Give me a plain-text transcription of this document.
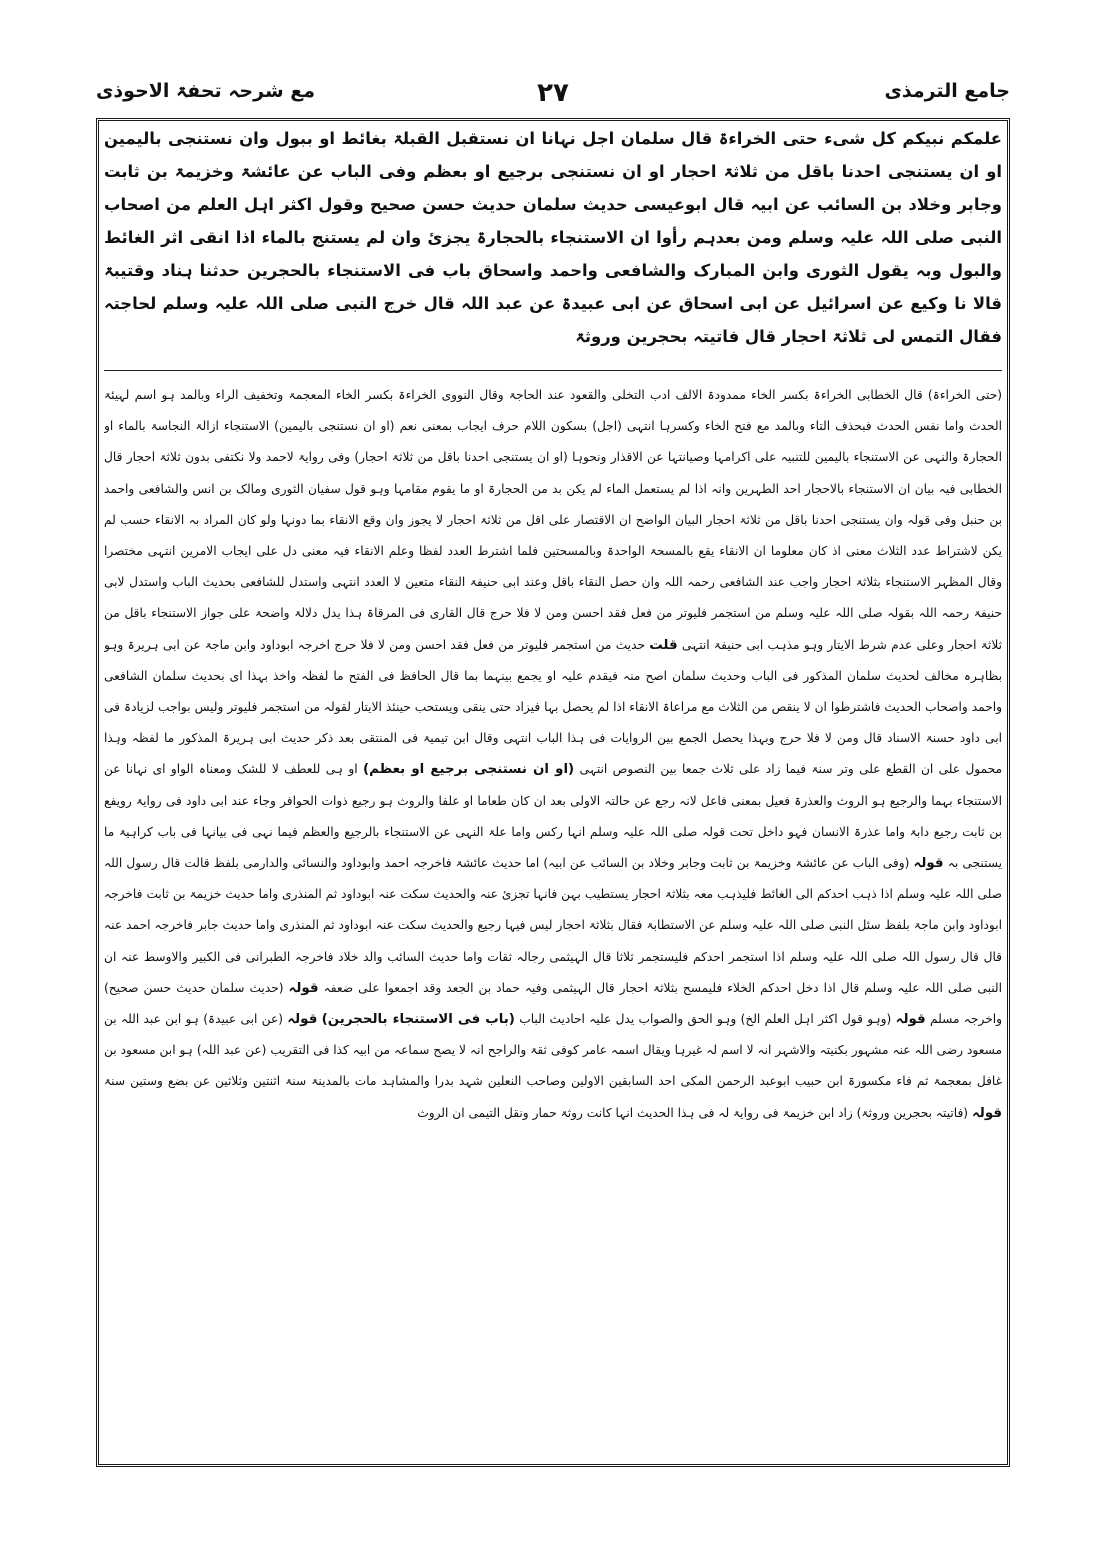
جامع الترمذی
۲۷
مع شرحہ تحفۃ الاحوذی
علمکم نبیکم کل شیء حتی الخراءۃ قال سلمان اجل نہانا ان نستقبل القبلۃ بغائط او ببول وان نستنجی بالیمین او ان یستنجی احدنا باقل من ثلاثۃ احجار او ان نستنجی برجیع او بعظم وفی الباب عن عائشۃ وخزیمۃ بن ثابت وجابر وخلاد بن السائب عن ابیہ قال ابوعیسی حدیث سلمان حدیث حسن صحیح وقول اکثر اہل العلم من اصحاب النبی صلی اللہ علیہ وسلم ومن بعدہم رأوا ان الاستنجاء بالحجارۃ یجزیٔ وان لم یستنج بالماء اذا انقی اثر الغائط والبول وبہ یقول الثوری وابن المبارک والشافعی واحمد واسحاق باب فی الاستنجاء بالحجرین حدثنا ہناد وقتیبۃ قالا نا وکیع عن اسرائیل عن ابی اسحاق عن ابی عبیدۃ عن عبد اللہ قال خرج النبی صلی اللہ علیہ وسلم لحاجتہ فقال التمس لی ثلاثۃ احجار قال فاتیتہ بحجرین وروثۃ
(حتی الخراءۃ) قال الخطابی الخراءۃ بکسر الخاء ممدودۃ الالف ادب التخلی والقعود عند الحاجۃ وقال النووی الخراءۃ بکسر الخاء المعجمۃ وتخفیف الراء وبالمد ہو اسم لہیئۃ الحدث واما نفس الحدث فبحذف التاء وبالمد مع فتح الخاء وکسرہا انتہی (اجل) بسکون اللام حرف ایجاب بمعنی نعم (او ان نستنجی بالیمین) الاستنجاء ازالۃ النجاسۃ بالماء او الحجارۃ والنہی عن الاستنجاء بالیمین للتنبیہ علی اکرامہا وصیانتہا عن الاقذار ونحوہا (او ان یستنجی احدنا باقل من ثلاثۃ احجار) وفی روایۃ لاحمد ولا نکتفی بدون ثلاثۃ احجار قال الخطابی فیہ بیان ان الاستنجاء بالاحجار احد الطہرین وانہ اذا لم یستعمل الماء لم یکن بد من الحجارۃ او ما یقوم مقامہا وہو قول سفیان الثوری ومالک بن انس والشافعی واحمد بن حنبل وفی قولہ وان یستنجی احدنا باقل من ثلاثۃ احجار البیان الواضح ان الاقتصار علی اقل من ثلاثۃ احجار لا یجوز وان وقع الانقاء بما دونہا ولو کان المراد بہ الانقاء حسب لم یکن لاشتراط عدد الثلاث معنی اذ کان معلوما ان الانقاء یقع بالمسحۃ الواحدۃ وبالمسحتین فلما اشترط العدد لفظا وعلم الانقاء فیہ معنی دل علی ایجاب الامرین انتہی مختصرا وقال المظہر الاستنجاء بثلاثۃ احجار واجب عند الشافعی رحمہ اللہ وان حصل النقاء باقل وعند ابی حنیفۃ النقاء متعین لا العدد انتہی واستدل للشافعی بحدیث الباب واستدل لابی حنیفۃ رحمہ اللہ بقولہ صلی اللہ علیہ وسلم من استجمر فلیوتر من فعل فقد احسن ومن لا فلا حرج قال القاری فی المرقاۃ ہذا یدل دلالۃ واضحۃ علی جواز الاستنجاء باقل من ثلاثۃ احجار وعلی عدم شرط الایتار وہو مذہب ابی حنیفۃ انتہی قلت حدیث من استجمر فلیوتر من فعل فقد احسن ومن لا فلا حرج اخرجہ ابوداود وابن ماجۃ عن ابی ہریرۃ وہو بظاہرہ مخالف لحدیث سلمان المذکور فی الباب وحدیث سلمان اصح منہ فیقدم علیہ او یجمع بینہما بما قال الحافظ فی الفتح ما لفظہ واخذ بہذا ای بحدیث سلمان الشافعی واحمد واصحاب الحدیث فاشترطوا ان لا ینقص من الثلاث مع مراعاۃ الانقاء اذا لم یحصل بہا فیزاد حتی ینقی ویستحب حینئذ الایتار لقولہ من استجمر فلیوتر ولیس بواجب لزیادۃ فی ابی داود حسنۃ الاسناد قال ومن لا فلا حرج وبہذا یحصل الجمع بین الروایات فی ہذا الباب انتہی وقال ابن تیمیۃ فی المنتقی بعد ذکر حدیث ابی ہریرۃ المذکور ما لفظہ وہذا محمول علی ان القطع علی وتر سنۃ فیما زاد علی ثلاث جمعا بین النصوص انتہی (او ان نستنجی برجیع او بعظم) او ہی للعطف لا للشک ومعناہ الواو ای نہانا عن الاستنجاء بہما والرجیع ہو الروث والعذرۃ فعیل بمعنی فاعل لانہ رجع عن حالتہ الاولی بعد ان کان طعاما او علفا والروث ہو رجیع ذوات الحوافر وجاء عند ابی داود فی روایۃ رویفع بن ثابت رجیع دابۃ واما عذرۃ الانسان فہو داخل تحت قولہ صلی اللہ علیہ وسلم انہا رکس واما علۃ النہی عن الاستنجاء بالرجیع والعظم فیما نہی فی بیانہا فی باب کراہیۃ ما یستنجی بہ قولہ (وفی الباب عن عائشۃ وخزیمۃ بن ثابت وجابر وخلاد بن السائب عن ابیہ) اما حدیث عائشۃ فاخرجہ احمد وابوداود والنسائی والدارمی بلفظ قالت قال رسول اللہ صلی اللہ علیہ وسلم اذا ذہب احدکم الی الغائط فلیذہب معہ بثلاثۃ احجار یستطیب بہن فانہا تجزئ عنہ والحدیث سکت عنہ ابوداود ثم المنذری واما حدیث خزیمۃ بن ثابت فاخرجہ ابوداود وابن ماجۃ بلفظ سئل النبی صلی اللہ علیہ وسلم عن الاستطابۃ فقال بثلاثۃ احجار لیس فیہا رجیع والحدیث سکت عنہ ابوداود ثم المنذری واما حدیث جابر فاخرجہ احمد عنہ قال قال رسول اللہ صلی اللہ علیہ وسلم اذا استجمر احدکم فلیستجمر ثلاثا قال الہیثمی رجالہ ثقات واما حدیث السائب والد خلاد فاخرجہ الطبرانی فی الکبیر والاوسط عنہ ان النبی صلی اللہ علیہ وسلم قال اذا دخل احدکم الخلاء فلیمسح بثلاثۃ احجار قال الہیثمی وفیہ حماد بن الجعد وقد اجمعوا علی ضعفہ قولہ (حدیث سلمان حدیث حسن صحیح) واخرجہ مسلم قولہ (وہو قول اکثر اہل العلم الخ) وہو الحق والصواب یدل علیہ احادیث الباب (باب فی الاستنجاء بالحجرین) قولہ (عن ابی عبیدۃ) ہو ابن عبد اللہ بن مسعود رضی اللہ عنہ مشہور بکنیتہ والاشہر انہ لا اسم لہ غیرہا ویقال اسمہ عامر کوفی ثقۃ والراجح انہ لا یصح سماعہ من ابیہ کذا فی التقریب (عن عبد اللہ) ہو ابن مسعود بن غافل بمعجمۃ ثم فاء مکسورۃ ابن حبیب ابوعبد الرحمن المکی احد السابقین الاولین وصاحب النعلین شہد بدرا والمشاہد مات بالمدینۃ سنۃ اثنتین وثلاثین عن بضع وستین سنۃ قولہ (فاتیتہ بحجرین وروثۃ) زاد ابن خزیمۃ فی روایۃ لہ فی ہذا الحدیث انہا کانت روثۃ حمار ونقل التیمی ان الروث
